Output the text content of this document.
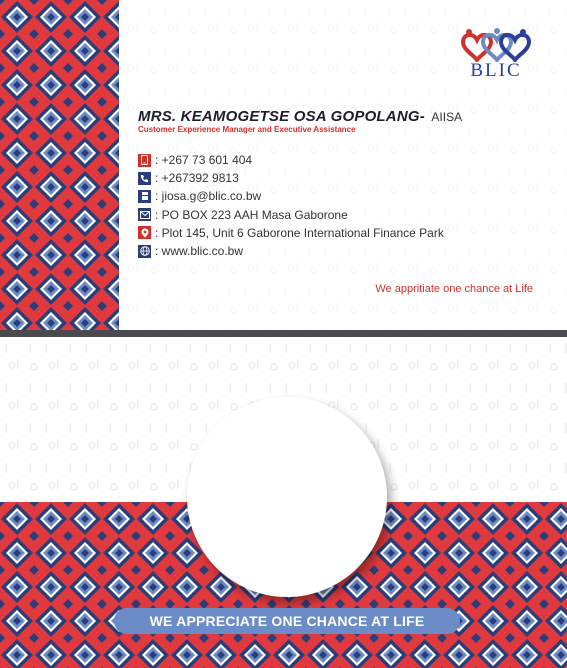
BLIC
MRS. KEAMOGETSE OSA GOPOLANG- AIISA
Customer Experience Manager and Executive Assistance
: +267 73 601 404
: +267392 9813
: jiosa.g@blic.co.bw
: PO BOX 223 AAH Masa Gaborone
: Plot 145, Unit 6 Gaborone International Finance Park
: www.blic.co.bw
We appritiate one chance at Life
WE APPRECIATE ONE CHANCE AT LIFE
